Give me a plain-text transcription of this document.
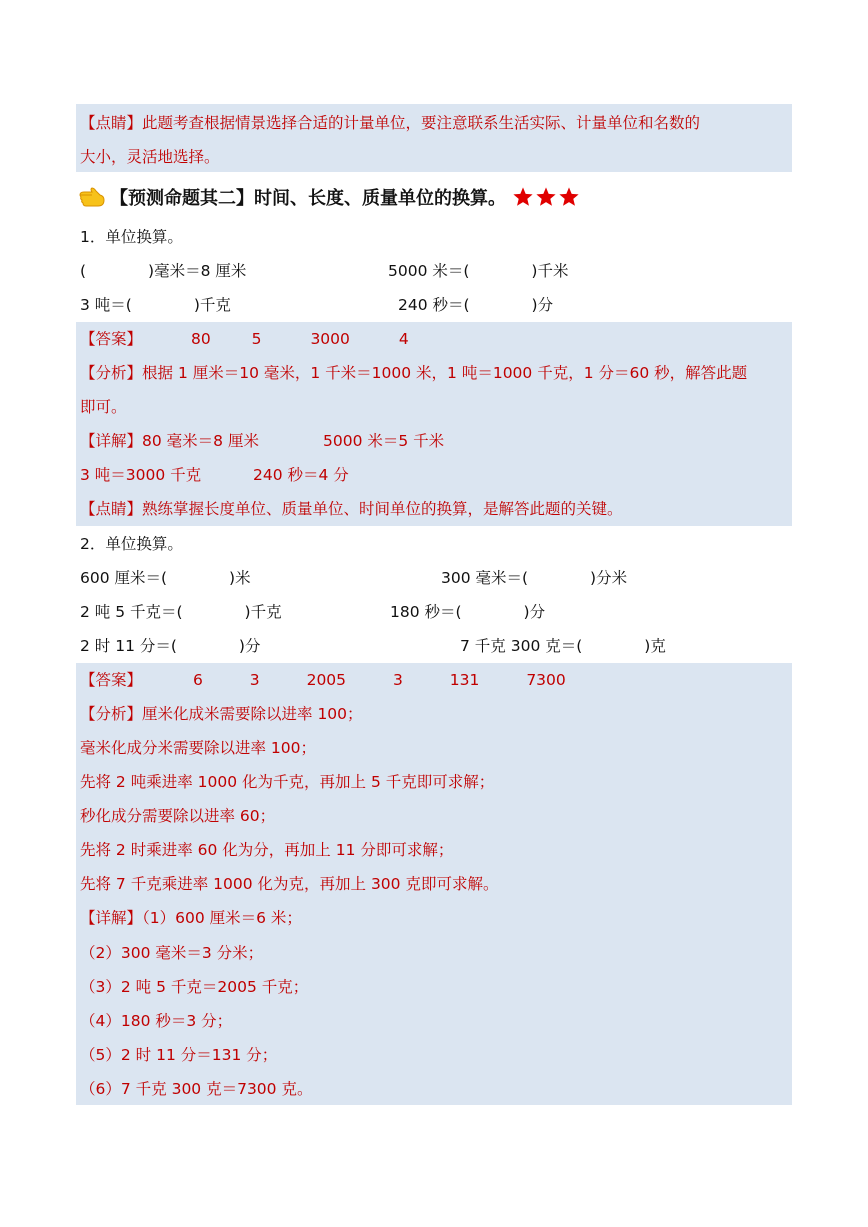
【点睛】此题考查根据情景选择合适的计量单位，要注意联系生活实际、计量单位和名数的
大小，灵活地选择。
【预测命题其二】时间、长度、质量单位的换算。
1．单位换算。
(　　　　)毫米＝8 厘米	5000 米＝(　　　　)千米
3 吨＝(　　　　)千克	240 秒＝(　　　　)分
【答案】	80	5	3000	4
【分析】根据 1 厘米＝10 毫米，1 千米＝1000 米，1 吨＝1000 千克，1 分＝60 秒，解答此题
即可。
【详解】80 毫米＝8 厘米	5000 米＝5 千米
3 吨＝3000 千克	240 秒＝4 分
【点睛】熟练掌握长度单位、质量单位、时间单位的换算，是解答此题的关键。
2．单位换算。
600 厘米＝(　　　　)米	300 毫米＝(　　　　)分米
2 吨 5 千克＝(　　　　)千克	180 秒＝(　　　　)分
2 时 11 分＝(　　　　)分	7 千克 300 克＝(　　　　)克
【答案】	6	3	2005	3	131	7300
【分析】厘米化成米需要除以进率 100；
毫米化成分米需要除以进率 100；
先将 2 吨乘进率 1000 化为千克，再加上 5 千克即可求解；
秒化成分需要除以进率 60；
先将 2 时乘进率 60 化为分，再加上 11 分即可求解；
先将 7 千克乘进率 1000 化为克，再加上 300 克即可求解。
【详解】（1）600 厘米＝6 米；
（2）300 毫米＝3 分米；
（3）2 吨 5 千克＝2005 千克；
（4）180 秒＝3 分；
（5）2 时 11 分＝131 分；
（6）7 千克 300 克＝7300 克。
